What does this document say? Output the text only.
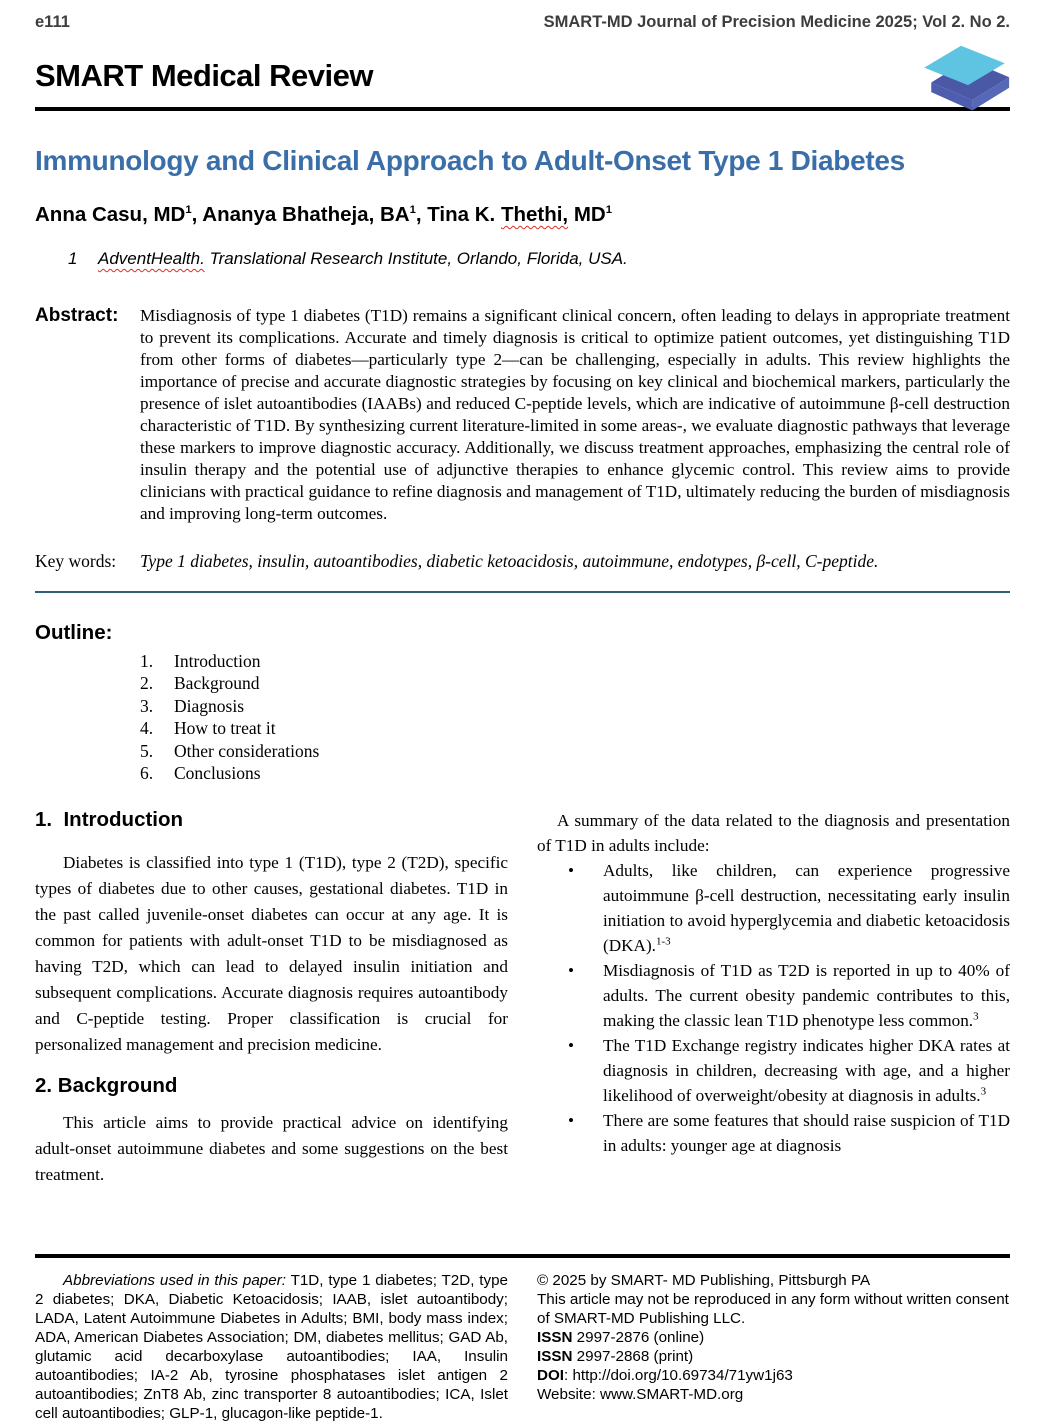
e111	SMART-MD Journal of Precision Medicine 2025; Vol 2. No 2.
SMART Medical Review
Immunology and Clinical Approach to Adult-Onset Type 1 Diabetes
Anna Casu, $MD^1$, Ananya Bhatheja, $BA^1$, Tina K. Thethi, $MD^1$
1	AdventHealth. Translational Research Institute, Orlando, Florida, USA.
Abstract:	Misdiagnosis of type 1 diabetes (T1D) remains a significant clinical concern, often leading to delays in appropriate treatment to prevent its complications. Accurate and timely diagnosis is critical to optimize patient outcomes, yet distinguishing T1D from other forms of diabetes—particularly type 2—can be challenging, especially in adults. This review highlights the importance of precise and accurate diagnostic strategies by focusing on key clinical and biochemical markers, particularly the presence of islet autoantibodies (IAABs) and reduced C-peptide levels, which are indicative of autoimmune β-cell destruction characteristic of T1D. By synthesizing current literature-limited in some areas-, we evaluate diagnostic pathways that leverage these markers to improve diagnostic accuracy. Additionally, we discuss treatment approaches, emphasizing the central role of insulin therapy and the potential use of adjunctive therapies to enhance glycemic control. This review aims to provide clinicians with practical guidance to refine diagnosis and management of T1D, ultimately reducing the burden of misdiagnosis and improving long-term outcomes.
Key words:	Type 1 diabetes, insulin, autoantibodies, diabetic ketoacidosis, autoimmune, endotypes, β-cell, C-peptide.
Outline:
1.	Introduction
2.	Background
3.	Diagnosis
4.	How to treat it
5.	Other considerations
6.	Conclusions
1.  Introduction

Diabetes is classified into type 1 (T1D), type 2 (T2D), specific types of diabetes due to other causes, gestational diabetes. T1D in the past called juvenile-onset diabetes can occur at any age. It is common for patients with adult-onset T1D to be misdiagnosed as having T2D, which can lead to delayed insulin initiation and subsequent complications. Accurate diagnosis requires autoantibody and C-peptide testing. Proper classification is crucial for personalized management and precision medicine.

2. Background

This article aims to provide practical advice on identifying adult-onset autoimmune diabetes and some suggestions on the best treatment.

A summary of the data related to the diagnosis and presentation of T1D in adults include:

• Adults, like children, can experience progressive autoimmune β-cell destruction, necessitating early insulin initiation to avoid hyperglycemia and diabetic ketoacidosis (DKA).$^{1-3}$
• Misdiagnosis of T1D as T2D is reported in up to 40% of adults. The current obesity pandemic contributes to this, making the classic lean T1D phenotype less common.$^3$
• The T1D Exchange registry indicates higher DKA rates at diagnosis in children, decreasing with age, and a higher likelihood of overweight/obesity at diagnosis in adults.$^3$
• There are some features that should raise suspicion of T1D in adults: younger age at diagnosis
Abbreviations used in this paper: T1D, type 1 diabetes; T2D, type 2 diabetes; DKA, Diabetic Ketoacidosis; IAAB, islet autoantibody; LADA, Latent Autoimmune Diabetes in Adults; BMI, body mass index; ADA, American Diabetes Association; DM, diabetes mellitus; GAD Ab, glutamic acid decarboxylase autoantibodies; IAA, Insulin autoantibodies; IA-2 Ab, tyrosine phosphatases islet antigen 2 autoantibodies; ZnT8 Ab, zinc transporter 8 autoantibodies; ICA, Islet cell autoantibodies; GLP-1, glucagon-like peptide-1.
© 2025 by SMART- MD Publishing, Pittsburgh PA
This article may not be reproduced in any form without written consent of SMART-MD Publishing LLC.
ISSN 2997-2876 (online)
ISSN 2997-2868 (print)
DOI: http://doi.org/10.69734/71yw1j63
Website: www.SMART-MD.org
